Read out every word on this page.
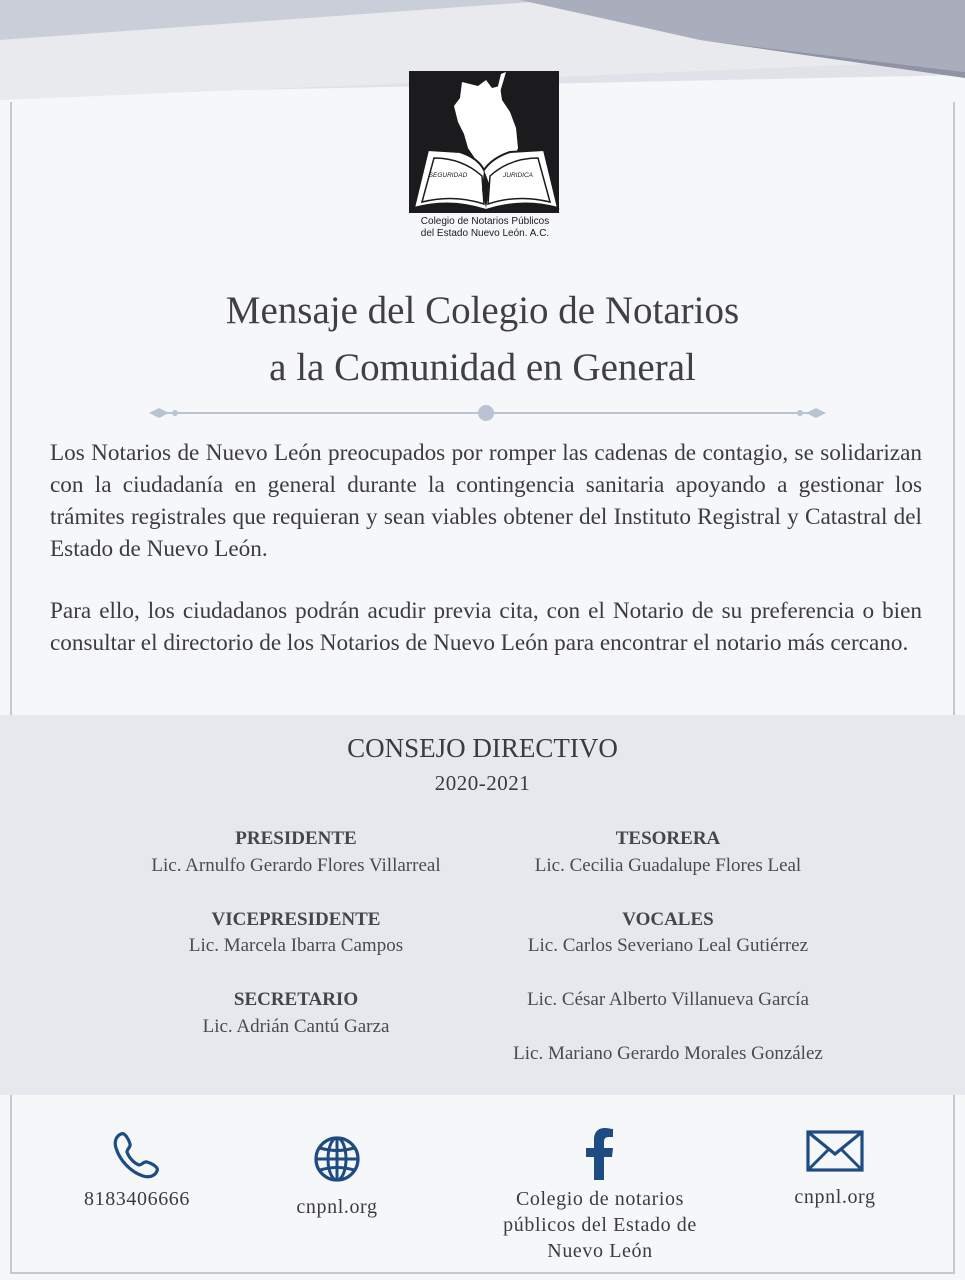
SEGURIDAD	JURIDICA
Colegio de Notarios Públicos
del Estado Nuevo León. A.C.
Mensaje del Colegio de Notarios
a la Comunidad en General

Los Notarios de Nuevo León preocupados por romper las cadenas de contagio, se solidarizan con la ciudadanía en general durante la contingencia sanitaria apoyando a gestionar los trámites registrales que requieran y sean viables obtener del Instituto Registral y Catastral del Estado de Nuevo León.

Para ello, los ciudadanos podrán acudir previa cita, con el Notario de su preferencia o bien consultar el directorio de los Notarios de Nuevo León para encontrar el notario más cercano.

CONSEJO DIRECTIVO
2020-2021
PRESIDENTE
Lic. Arnulfo Gerardo Flores Villarreal
VICEPRESIDENTE
Lic. Marcela Ibarra Campos
SECRETARIO
Lic. Adrián Cantú Garza
TESORERA
Lic. Cecilia Guadalupe Flores Leal
VOCALES
Lic. Carlos Severiano Leal Gutiérrez
Lic. César Alberto Villanueva García
Lic. Mariano Gerardo Morales González
8183406666	cnpnl.org	Colegio de notarios
públicos del Estado de
Nuevo León
cnpnl.org
